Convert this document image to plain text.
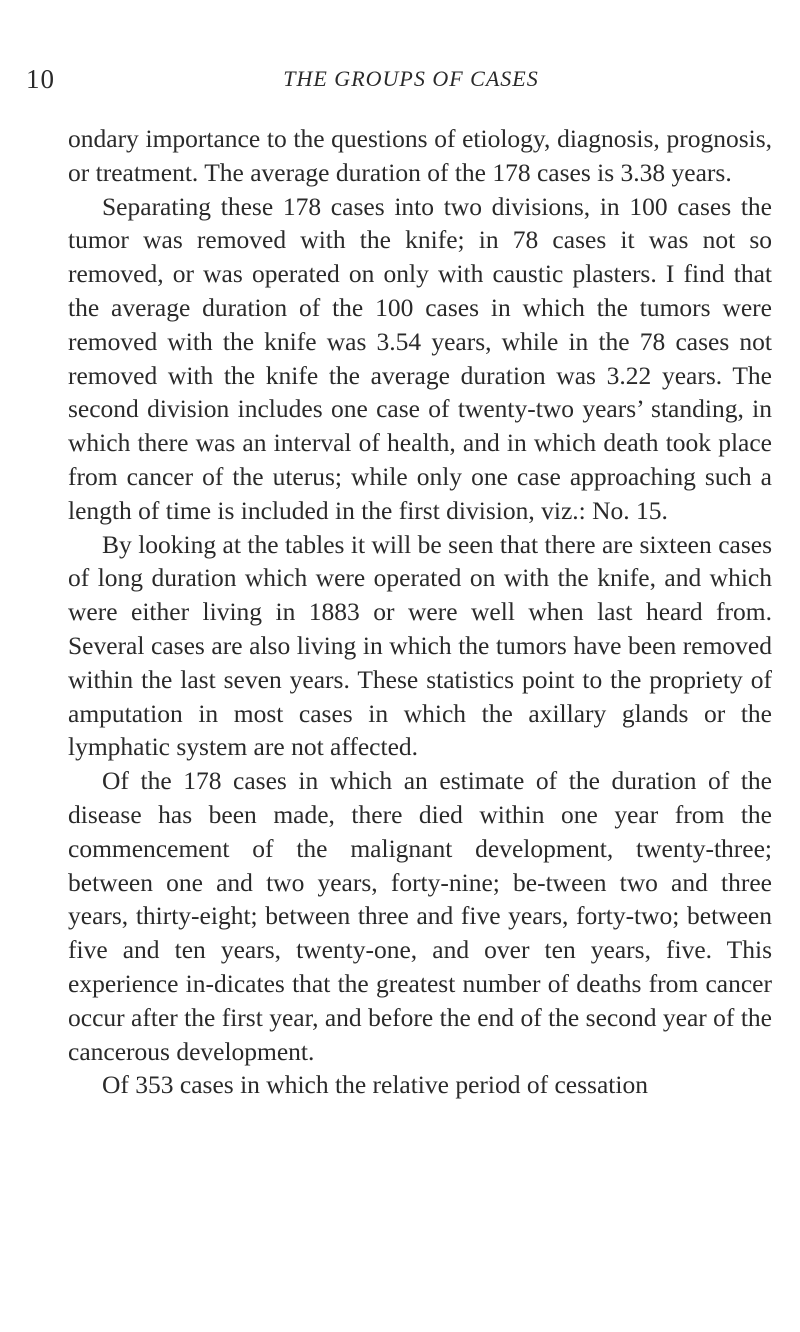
10	THE GROUPS OF CASES

ondary importance to the questions of etiology, diagnosis, prognosis, or treatment. The average duration of the 178 cases is 3.38 years.

Separating these 178 cases into two divisions, in 100 cases the tumor was removed with the knife; in 78 cases it was not so removed, or was operated on only with caustic plasters. I find that the average duration of the 100 cases in which the tumors were removed with the knife was 3.54 years, while in the 78 cases not removed with the knife the average duration was 3.22 years. The second division includes one case of twenty-two years’ standing, in which there was an interval of health, and in which death took place from cancer of the uterus; while only one case approaching such a length of time is included in the first division, viz.: No. 15.

By looking at the tables it will be seen that there are sixteen cases of long duration which were operated on with the knife, and which were either living in 1883 or were well when last heard from. Several cases are also living in which the tumors have been removed within the last seven years. These statistics point to the propriety of amputation in most cases in which the axillary glands or the lymphatic system are not affected.

Of the 178 cases in which an estimate of the duration of the disease has been made, there died within one year from the commencement of the malignant development, twenty-three; between one and two years, forty-nine; be-tween two and three years, thirty-eight; between three and five years, forty-two; between five and ten years, twenty-one, and over ten years, five. This experience in-dicates that the greatest number of deaths from cancer occur after the first year, and before the end of the second year of the cancerous development.

Of 353 cases in which the relative period of cessation
